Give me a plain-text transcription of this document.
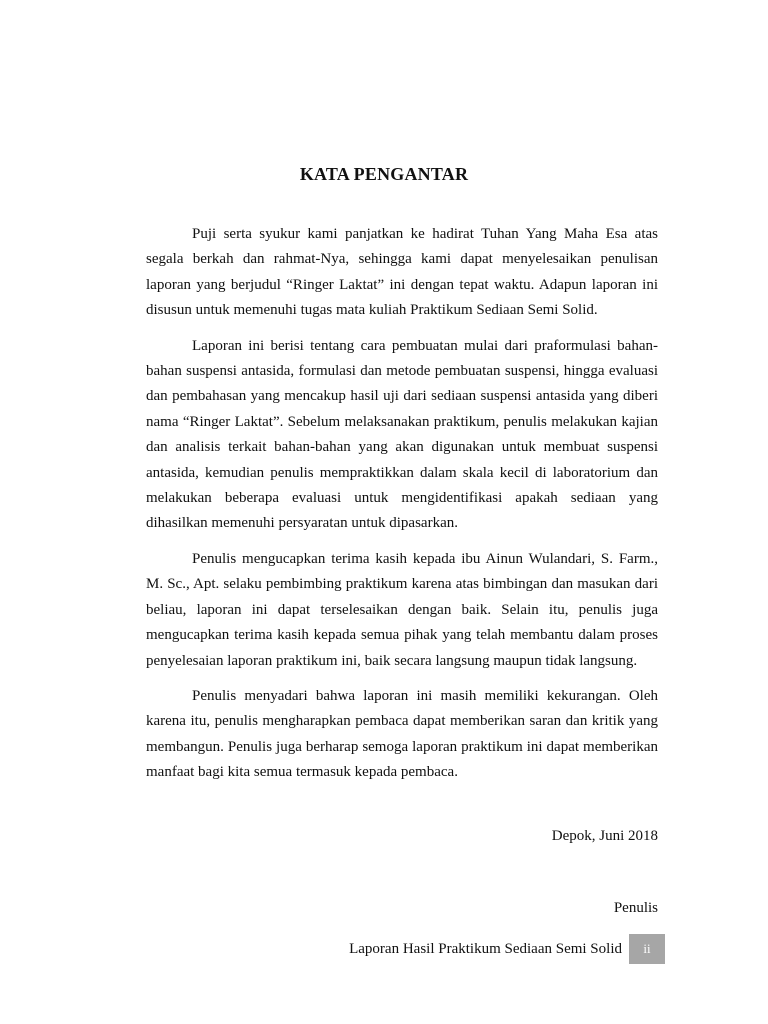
KATA PENGANTAR

Puji serta syukur kami panjatkan ke hadirat Tuhan Yang Maha Esa atas segala berkah dan rahmat-Nya, sehingga kami dapat menyelesaikan penulisan laporan yang berjudul “Ringer Laktat” ini dengan tepat waktu. Adapun laporan ini disusun untuk memenuhi tugas mata kuliah Praktikum Sediaan Semi Solid.

Laporan ini berisi tentang cara pembuatan mulai dari praformulasi bahan-bahan suspensi antasida, formulasi dan metode pembuatan suspensi, hingga evaluasi dan pembahasan yang mencakup hasil uji dari sediaan suspensi antasida yang diberi nama “Ringer Laktat”. Sebelum melaksanakan praktikum, penulis melakukan kajian dan analisis terkait bahan-bahan yang akan digunakan untuk membuat suspensi antasida, kemudian penulis mempraktikkan dalam skala kecil di laboratorium dan melakukan beberapa evaluasi untuk mengidentifikasi apakah sediaan yang dihasilkan memenuhi persyaratan untuk dipasarkan.

Penulis mengucapkan terima kasih kepada ibu Ainun Wulandari, S. Farm., M. Sc., Apt. selaku pembimbing praktikum karena atas bimbingan dan masukan dari beliau, laporan ini dapat terselesaikan dengan baik. Selain itu, penulis juga mengucapkan terima kasih kepada semua pihak yang telah membantu dalam proses penyelesaian laporan praktikum ini, baik secara langsung maupun tidak langsung.

Penulis menyadari bahwa laporan ini masih memiliki kekurangan. Oleh karena itu, penulis mengharapkan pembaca dapat memberikan saran dan kritik yang membangun. Penulis juga berharap semoga laporan praktikum ini dapat memberikan manfaat bagi kita semua termasuk kepada pembaca.

Depok, Juni 2018
Penulis
Laporan Hasil Praktikum Sediaan Semi Solid ii
